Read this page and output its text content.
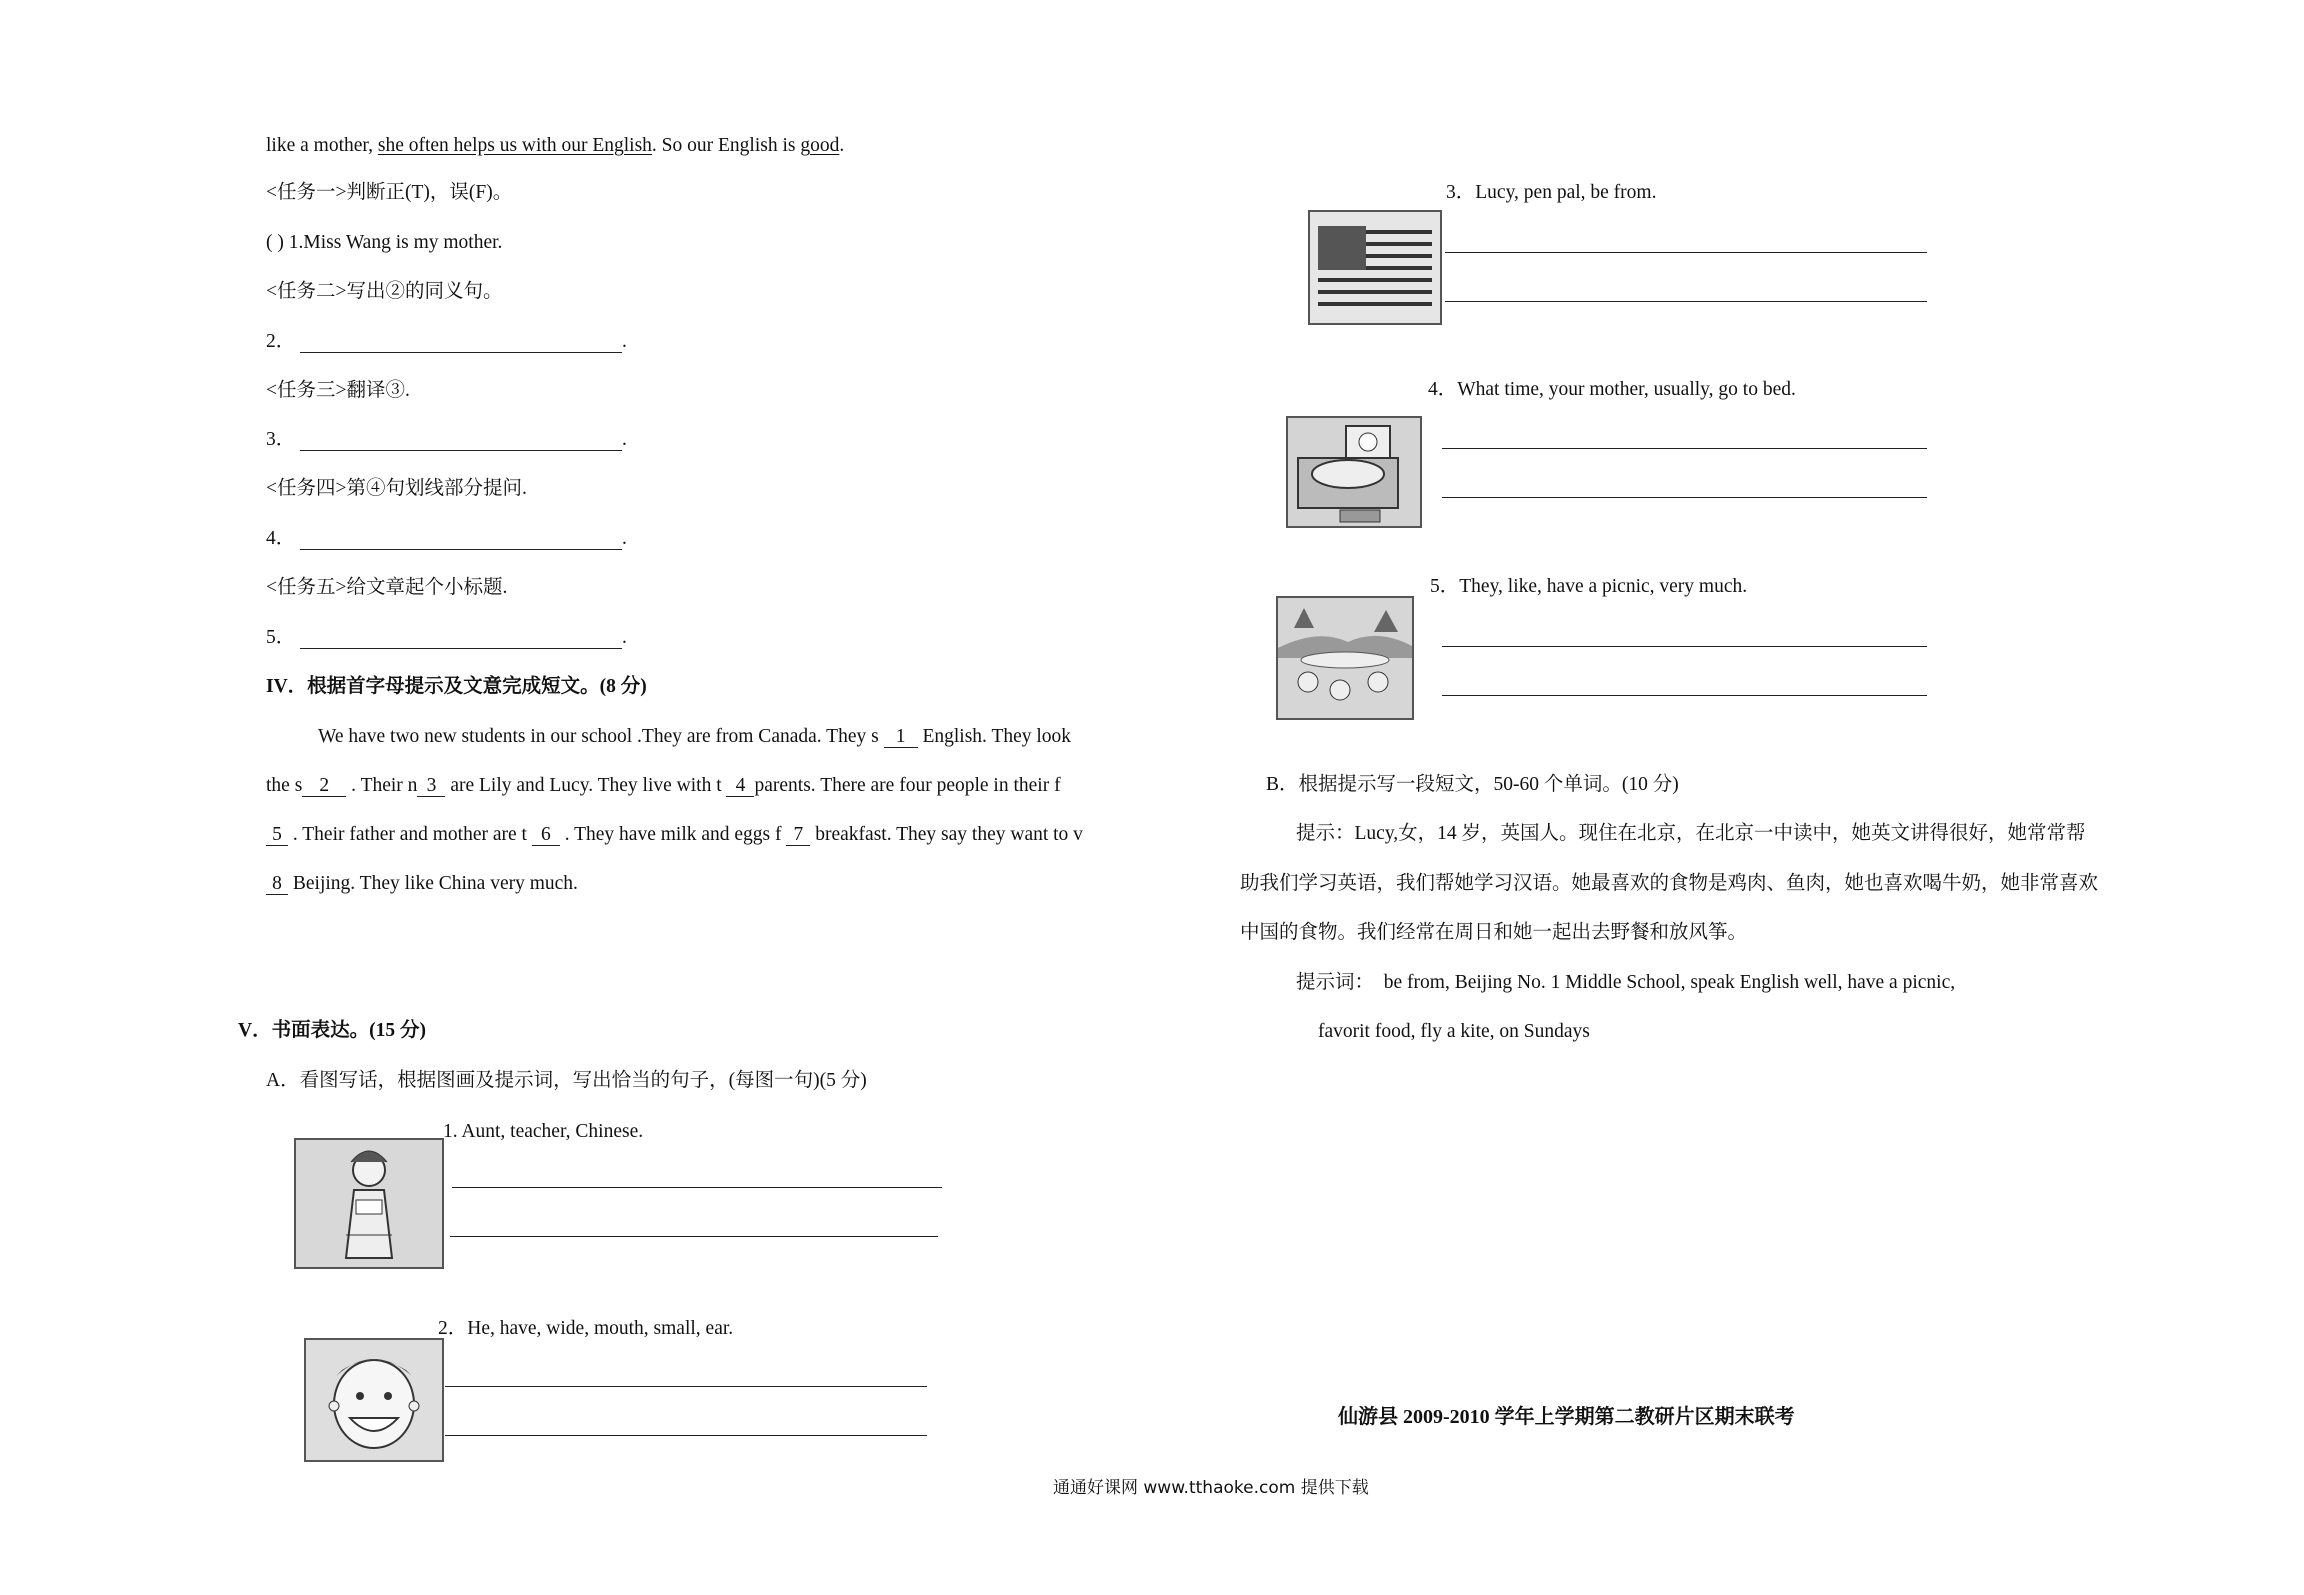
like a mother, she often helps us with our English. So our English is good.
<任务一>判断正(T)，误(F)。
( ) 1.Miss Wang is my mother.
<任务二>写出②的同义句。
2．	.
<任务三>翻译③.
3．	.
<任务四>第④句划线部分提问.
4．	.
<任务五>给文章起个小标题.
5．	.
IV．根据首字母提示及文意完成短文。(8 分)
We have two new students in our school .They are from Canada. They s 1 English. They look
the s 2 . Their n 3 are Lily and Lucy. They live with t 4 parents. There are four people in their f
5 . Their father and mother are t 6 . They have milk and eggs f 7 breakfast. They say they want to v
8 Beijing. They like China very much.
V．书面表达。(15 分)
A．看图写话，根据图画及提示词，写出恰当的句子，(每图一句)(5 分)
1. Aunt, teacher, Chinese.
2．He, have, wide, mouth, small, ear.
3．Lucy, pen pal, be from.
4．What time, your mother, usually, go to bed.
5．They, like, have a picnic, very much.
B．根据提示写一段短文，50-60 个单词。(10 分)
提示：Lucy,女，14 岁，英国人。现住在北京，在北京一中读中，她英文讲得很好，她常常帮
助我们学习英语，我们帮她学习汉语。她最喜欢的食物是鸡肉、鱼肉，她也喜欢喝牛奶，她非常喜欢
中国的食物。我们经常在周日和她一起出去野餐和放风筝。
提示词： be from, Beijing No. 1 Middle School, speak English well, have a picnic,
favorit food, fly a kite, on Sundays
仙游县 2009-2010 学年上学期第二教研片区期末联考
通通好课网 www.tthaoke.com 提供下载
